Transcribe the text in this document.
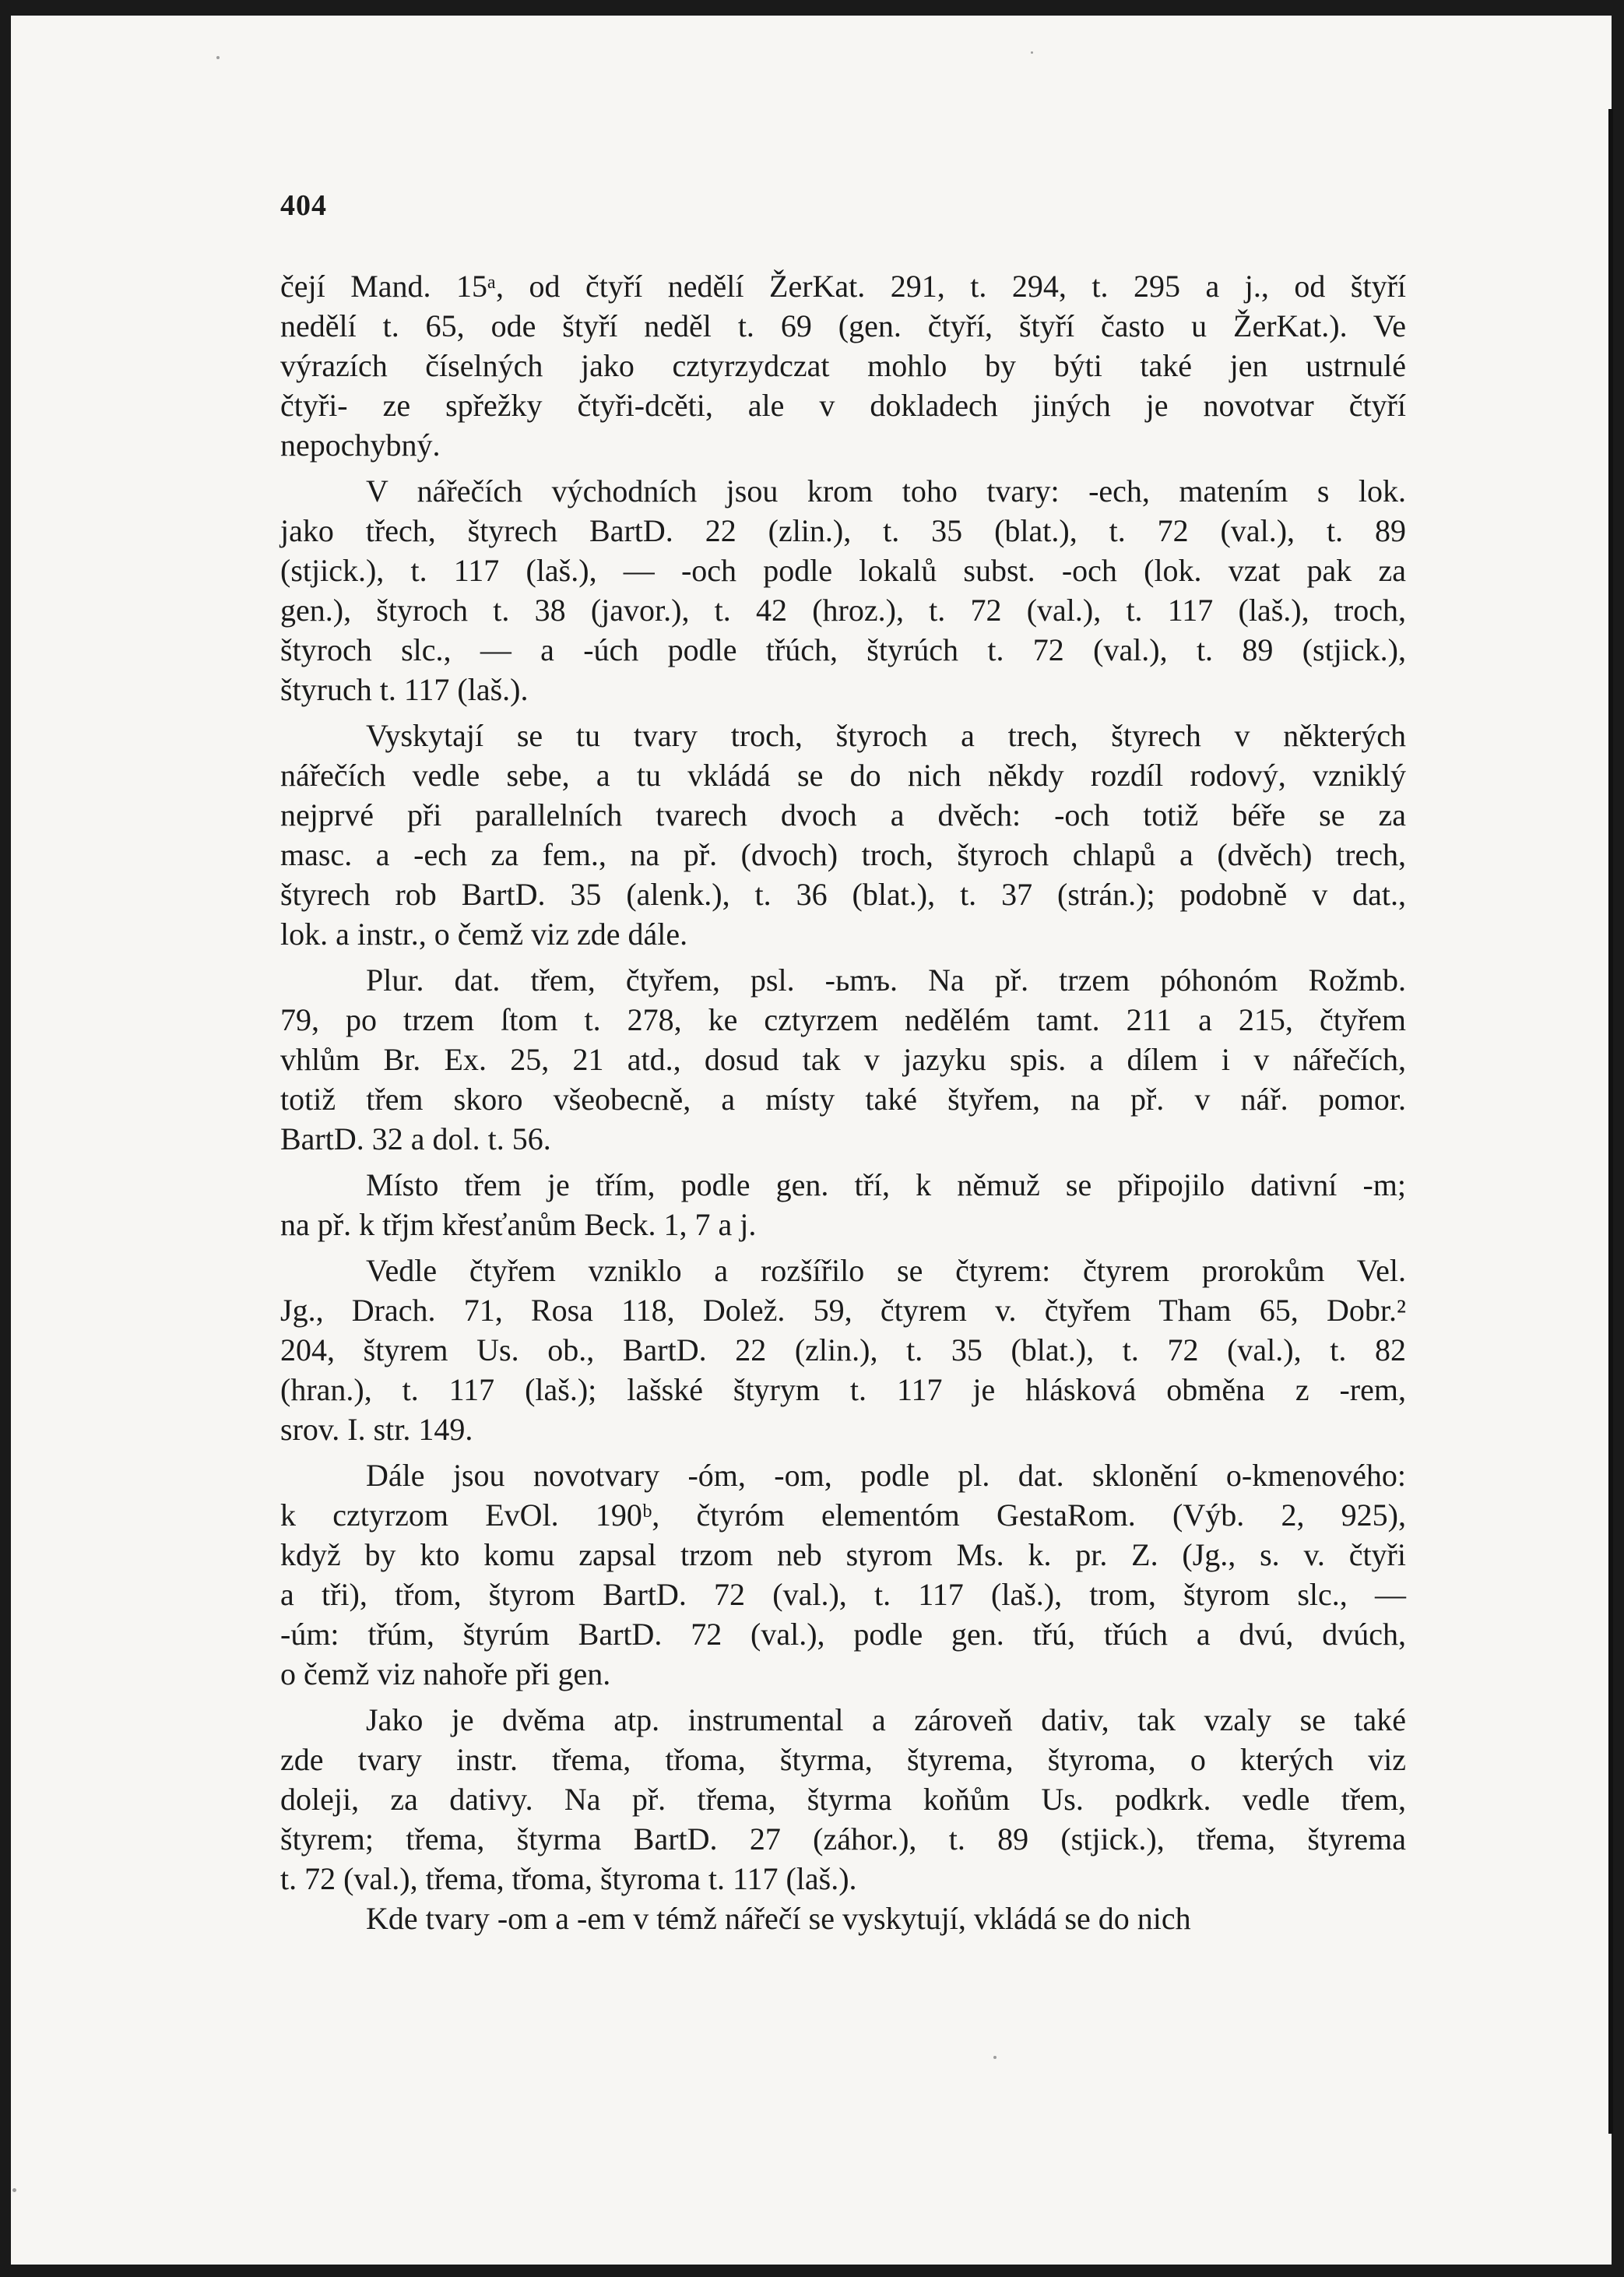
404
čejí Mand. 15ᵃ, od čtyří nedělí ŽerKat. 291, t. 294, t. 295 a j., od štyří
nedělí t. 65, ode štyří neděl t. 69 (gen. čtyří, štyří často u ŽerKat.). Ve
výrazích číselných jako cztyrzydczat mohlo by býti také jen ustrnulé
čtyři- ze spřežky čtyři-dcěti, ale v dokladech jiných je novotvar čtyří
nepochybný.
V nářečích východních jsou krom toho tvary: -ech, matením s lok.
jako třech, štyrech BartD. 22 (zlin.), t. 35 (blat.), t. 72 (val.), t. 89
(stjick.), t. 117 (laš.), — -och podle lokalů subst. -och (lok. vzat pak za
gen.), štyroch t. 38 (javor.), t. 42 (hroz.), t. 72 (val.), t. 117 (laš.), troch,
štyroch slc., — a -úch podle třúch, štyrúch t. 72 (val.), t. 89 (stjick.),
štyruch t. 117 (laš.).
Vyskytají se tu tvary troch, štyroch a trech, štyrech v některých
nářečích vedle sebe, a tu vkládá se do nich někdy rozdíl rodový, vzniklý
nejprvé při parallelních tvarech dvoch a dvěch: -och totiž béře se za
masc. a -ech za fem., na př. (dvoch) troch, štyroch chlapů a (dvěch) trech,
štyrech rob BartD. 35 (alenk.), t. 36 (blat.), t. 37 (strán.); podobně v dat.,
lok. a instr., o čemž viz zde dále.
Plur. dat. třem, čtyřem, psl. -ьmъ. Na př. trzem póhonóm Rožmb.
79, po trzem ſtom t. 278, ke cztyrzem nedělém tamt. 211 a 215, čtyřem
vhlům Br. Ex. 25, 21 atd., dosud tak v jazyku spis. a dílem i v nářečích,
totiž třem skoro všeobecně, a místy také štyřem, na př. v nář. pomor.
BartD. 32 a dol. t. 56.
Místo třem je třím, podle gen. tří, k němuž se připojilo dativní -m;
na př. k třjm křesťanům Beck. 1, 7 a j.
Vedle čtyřem vzniklo a rozšířilo se čtyrem: čtyrem prorokům Vel.
Jg., Drach. 71, Rosa 118, Dolež. 59, čtyrem v. čtyřem Tham 65, Dobr.²
204, štyrem Us. ob., BartD. 22 (zlin.), t. 35 (blat.), t. 72 (val.), t. 82
(hran.), t. 117 (laš.); lašské štyrym t. 117 je hlásková obměna z -rem,
srov. I. str. 149.
Dále jsou novotvary -óm, -om, podle pl. dat. sklonění o-kmenového:
k cztyrzom EvOl. 190ᵇ, čtyróm elementóm GestaRom. (Výb. 2, 925),
když by kto komu zapsal trzom neb styrom Ms. k. pr. Z. (Jg., s. v. čtyři
a tři), třom, štyrom BartD. 72 (val.), t. 117 (laš.), trom, štyrom slc., —
-úm: třúm, štyrúm BartD. 72 (val.), podle gen. třú, třúch a dvú, dvúch,
o čemž viz nahoře při gen.
Jako je dvěma atp. instrumental a zároveň dativ, tak vzaly se také
zde tvary instr. třema, třoma, štyrma, štyrema, štyroma, o kterých viz
doleji, za dativy. Na př. třema, štyrma koňům Us. podkrk. vedle třem,
štyrem; třema, štyrma BartD. 27 (záhor.), t. 89 (stjick.), třema, štyrema
t. 72 (val.), třema, třoma, štyroma t. 117 (laš.).
Kde tvary -om a -em v témž nářečí se vyskytují, vkládá se do nich
